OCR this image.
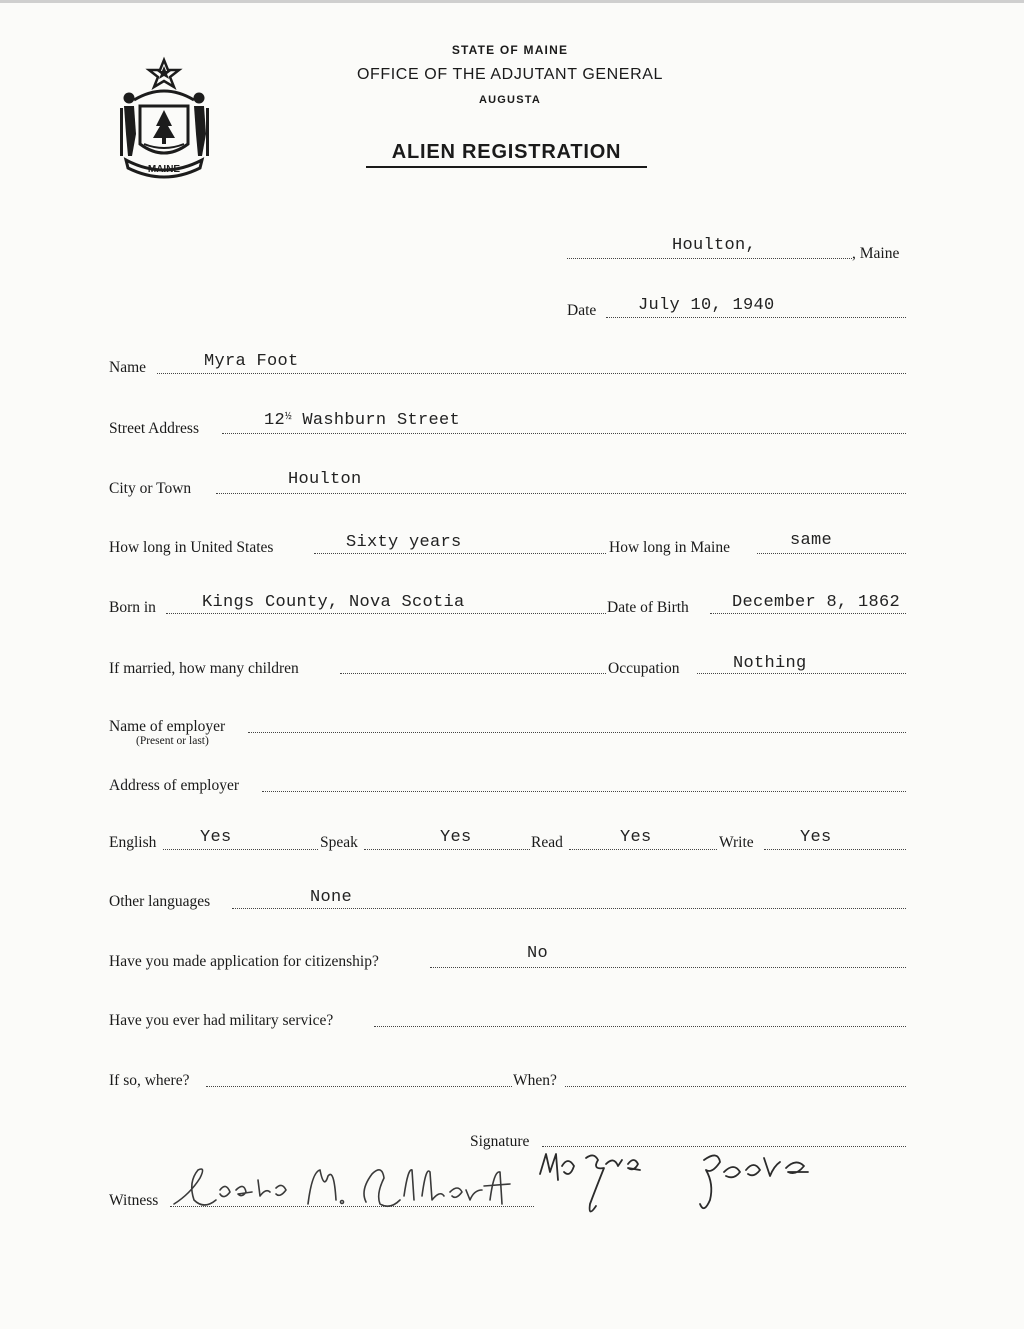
MAINE
STATE OF MAINE
OFFICE OF THE ADJUTANT GENERAL
AUGUSTA
ALIEN REGISTRATION
Houlton,	, Maine
Date July 10, 1940
Name	Myra Foot
Street Address	$12^{\frac{1}{2}}$ Washburn Street
City or Town	Houlton
How long in United States	Sixty years	How long in Maine	same
Born in	Kings County, Nova Scotia	Date of Birth	December 8, 1862
If married, how many children	Occupation	Nothing
Name of employer
(Present or last)
Address of employer
English	Yes	Speak	Yes	Read	Yes	Write	Yes
Other languages	None
Have you made application for citizenship?	No
Have you ever had military service?
If so, where?	When?
Signature
Myra Foote
Witness
Gladys M. Albert
